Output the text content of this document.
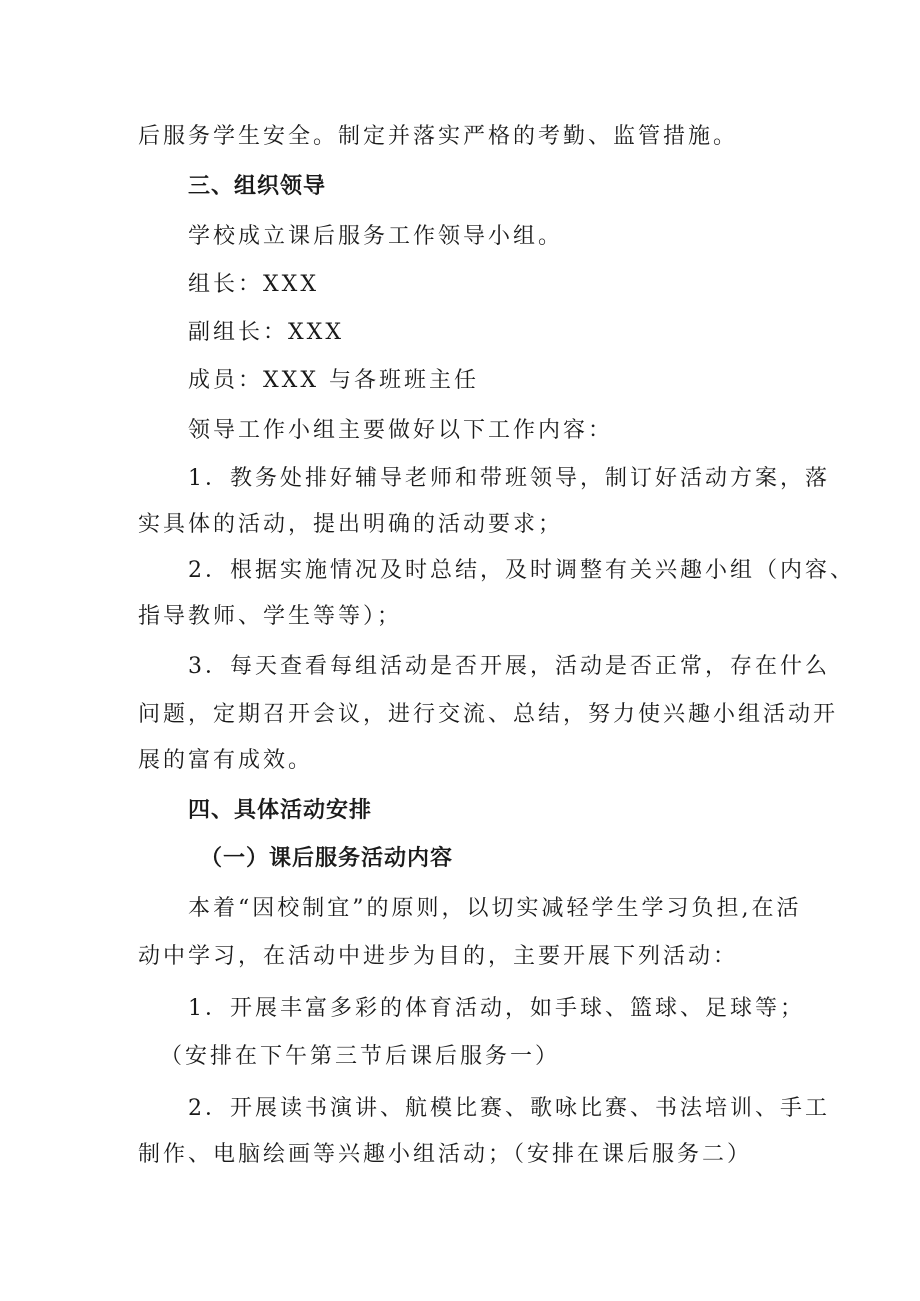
后服务学生安全。制定并落实严格的考勤、监管措施。
三、组织领导
学校成立课后服务工作领导小组。
组长：XXX
副组长：XXX
成员：XXX 与各班班主任
领导工作小组主要做好以下工作内容：
1．教务处排好辅导老师和带班领导，制订好活动方案，落
实具体的活动，提出明确的活动要求；
2．根据实施情况及时总结，及时调整有关兴趣小组（内容、
指导教师、学生等等）；
3．每天查看每组活动是否开展，活动是否正常，存在什么
问题，定期召开会议，进行交流、总结，努力使兴趣小组活动开
展的富有成效。
四、具体活动安排
（一）课后服务活动内容
本着“因校制宜”的原则，以切实减轻学生学习负担,在活
动中学习，在活动中进步为目的，主要开展下列活动：
1．开展丰富多彩的体育活动，如手球、篮球、足球等；
（安排在下午第三节后课后服务一）
2．开展读书演讲、航模比赛、歌咏比赛、书法培训、手工
制作、电脑绘画等兴趣小组活动；（安排在课后服务二）
